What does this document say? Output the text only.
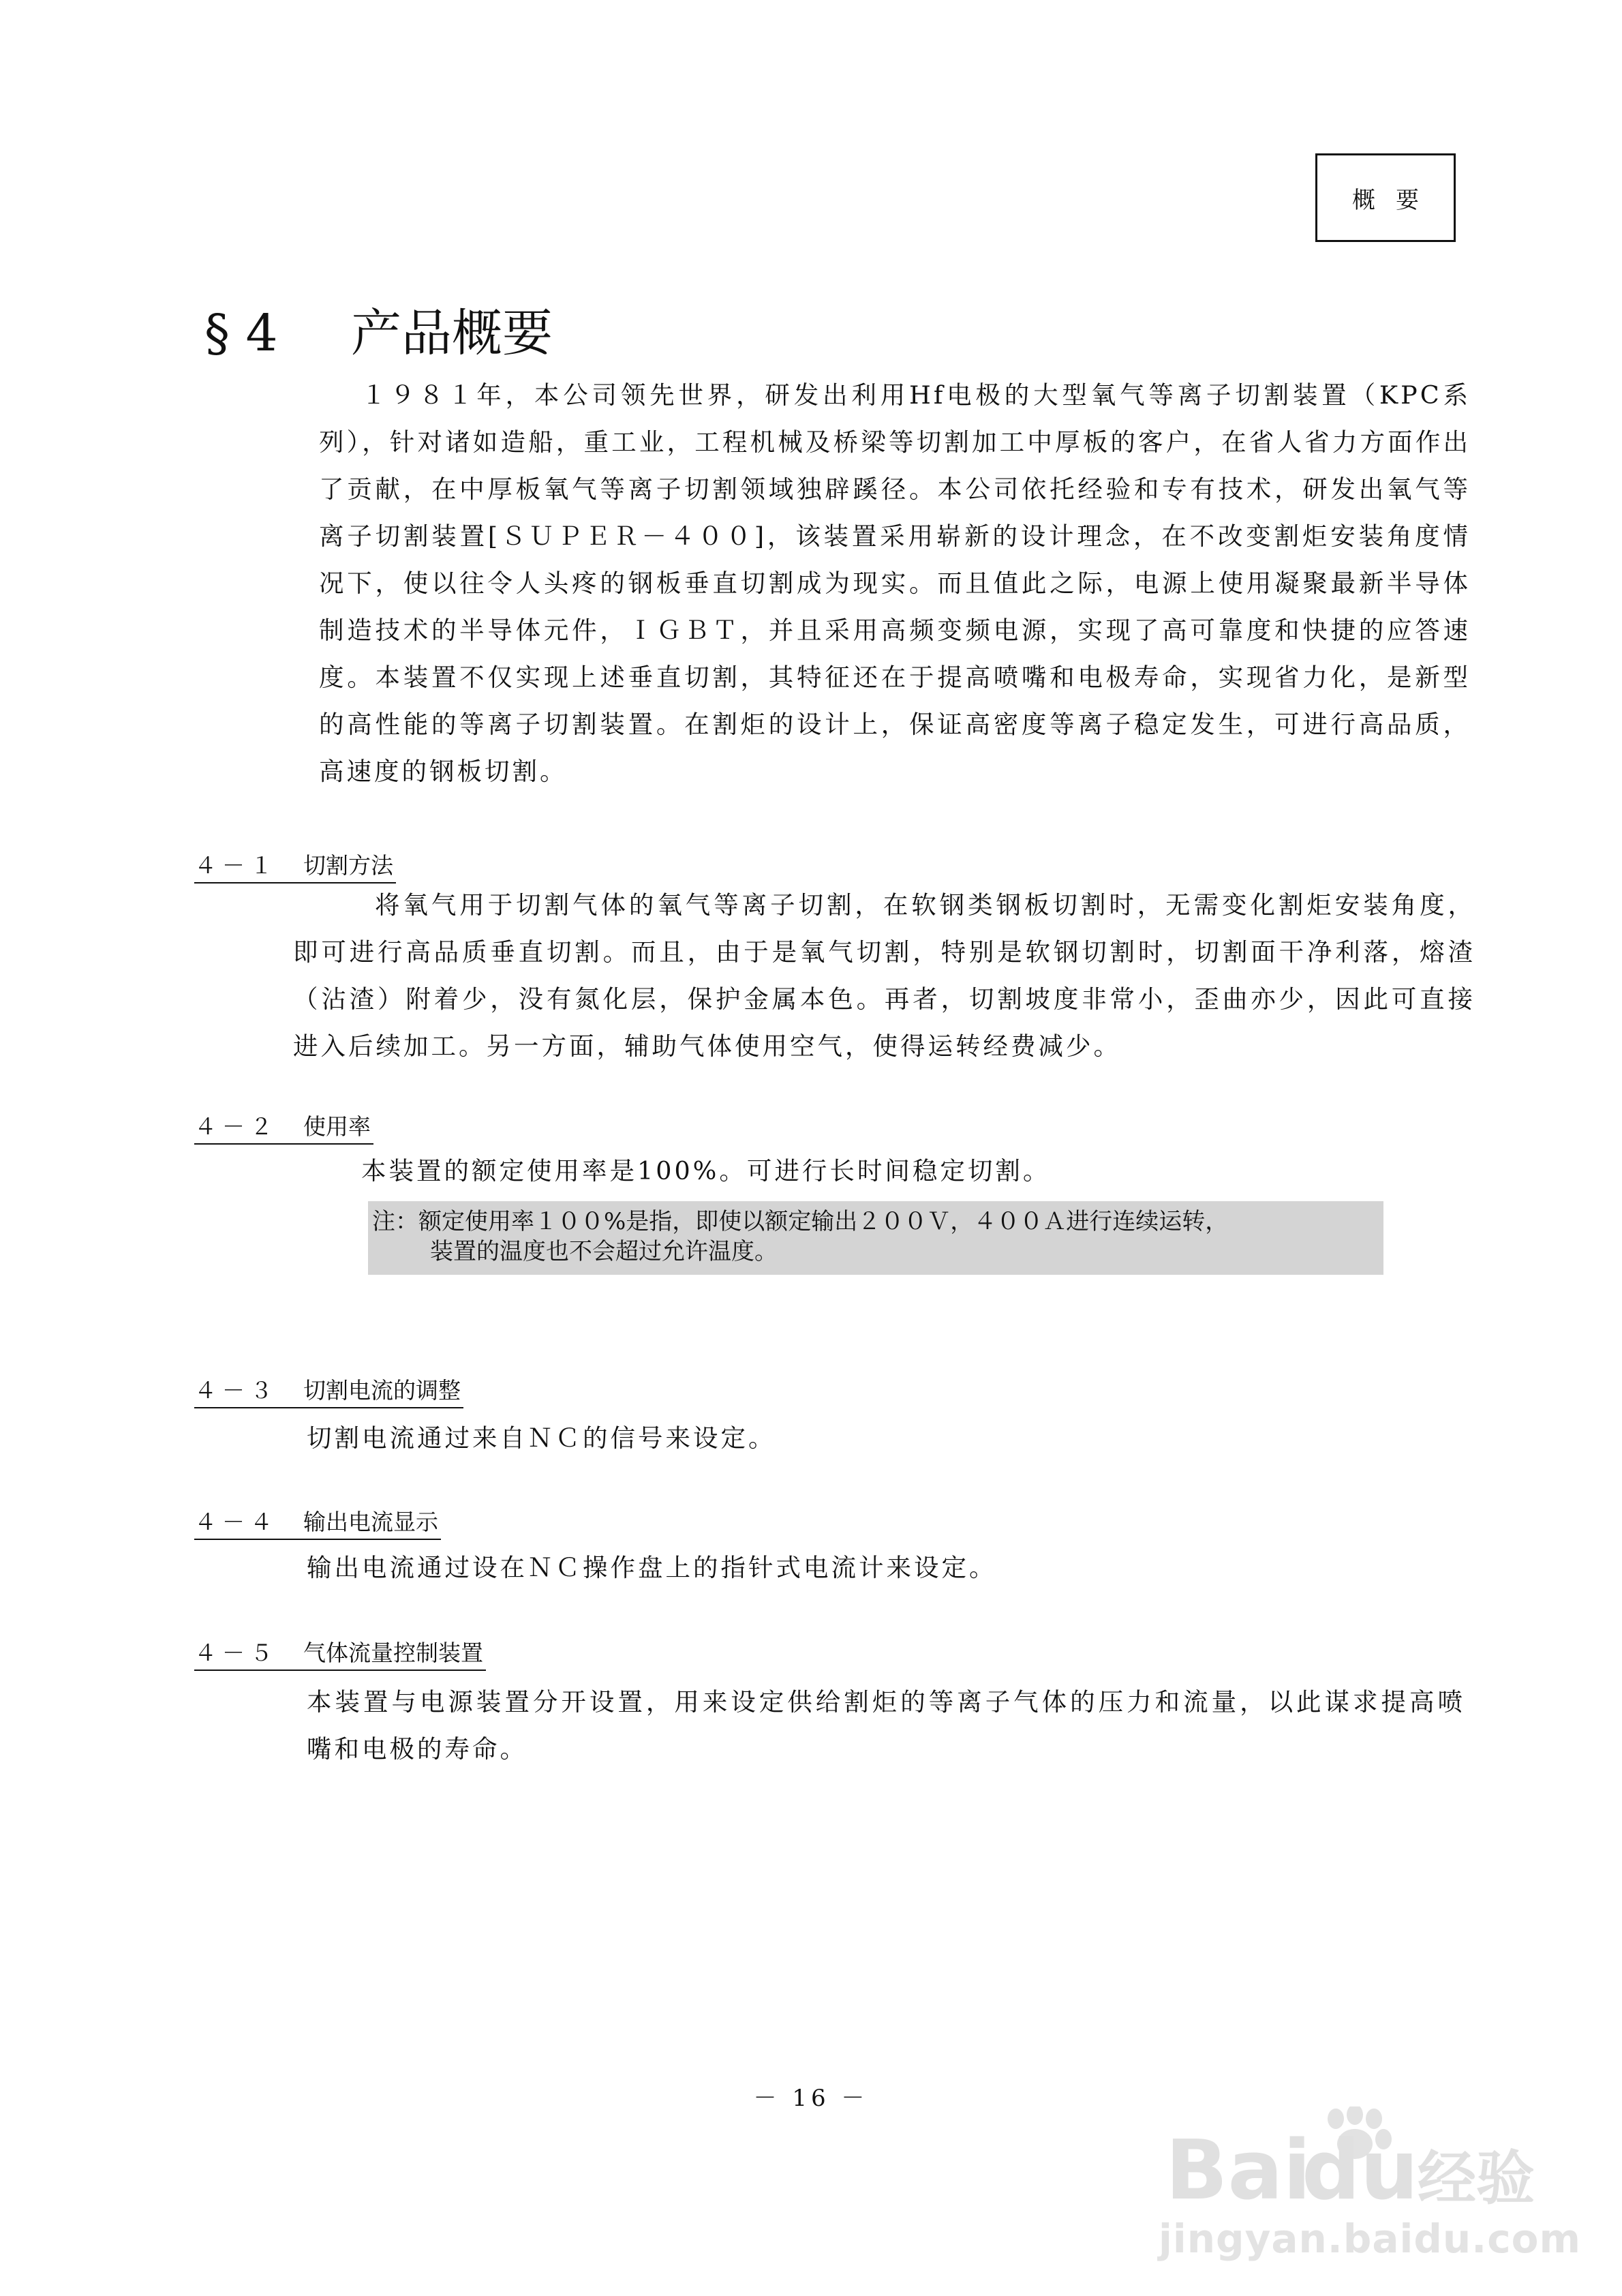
概要
§ 4 产品概要

１９８１年，本公司领先世界，研发出利用Hf电极的大型氧气等离子切割装置（KPC系列），针对诸如造船，重工业，工程机械及桥梁等切割加工中厚板的客户，在省人省力方面作出了贡献，在中厚板氧气等离子切割领域独辟蹊径。本公司依托经验和专有技术，研发出氧气等离子切割装置[ＳＵＰＥＲ－４００]，该装置采用崭新的设计理念，在不改变割炬安装角度情况下，使以往令人头疼的钢板垂直切割成为现实。而且值此之际，电源上使用凝聚最新半导体制造技术的半导体元件，ＩＧＢＴ，并且采用高频变频电源，实现了高可靠度和快捷的应答速度。本装置不仅实现上述垂直切割，其特征还在于提高喷嘴和电极寿命，实现省力化，是新型的高性能的等离子切割装置。在割炬的设计上，保证高密度等离子稳定发生，可进行高品质，高速度的钢板切割。

４－１ 切割方法

将氧气用于切割气体的氧气等离子切割，在软钢类钢板切割时，无需变化割炬安装角度，即可进行高品质垂直切割。而且，由于是氧气切割，特别是软钢切割时，切割面干净利落，熔渣（沾渣）附着少，没有氮化层，保护金属本色。再者，切割坡度非常小，歪曲亦少，因此可直接进入后续加工。另一方面，辅助气体使用空气，使得运转经费减少。

４－２ 使用率
本装置的额定使用率是100%。可进行长时间稳定切割。
注：额定使用率１００%是指，即使以额定输出２００Ｖ，４００Ａ进行连续运转，
装置的温度也不会超过允许温度。
４－３ 切割电流的调整
切割电流通过来自ＮＣ的信号来设定。
４－４ 输出电流显示
输出电流通过设在ＮＣ操作盘上的指针式电流计来设定。
４－５ 气体流量控制装置

本装置与电源装置分开设置，用来设定供给割炬的等离子气体的压力和流量，以此谋求提高喷嘴和电极的寿命。

－ 16 －
Bai
du
经验
jingyan.baidu.com
